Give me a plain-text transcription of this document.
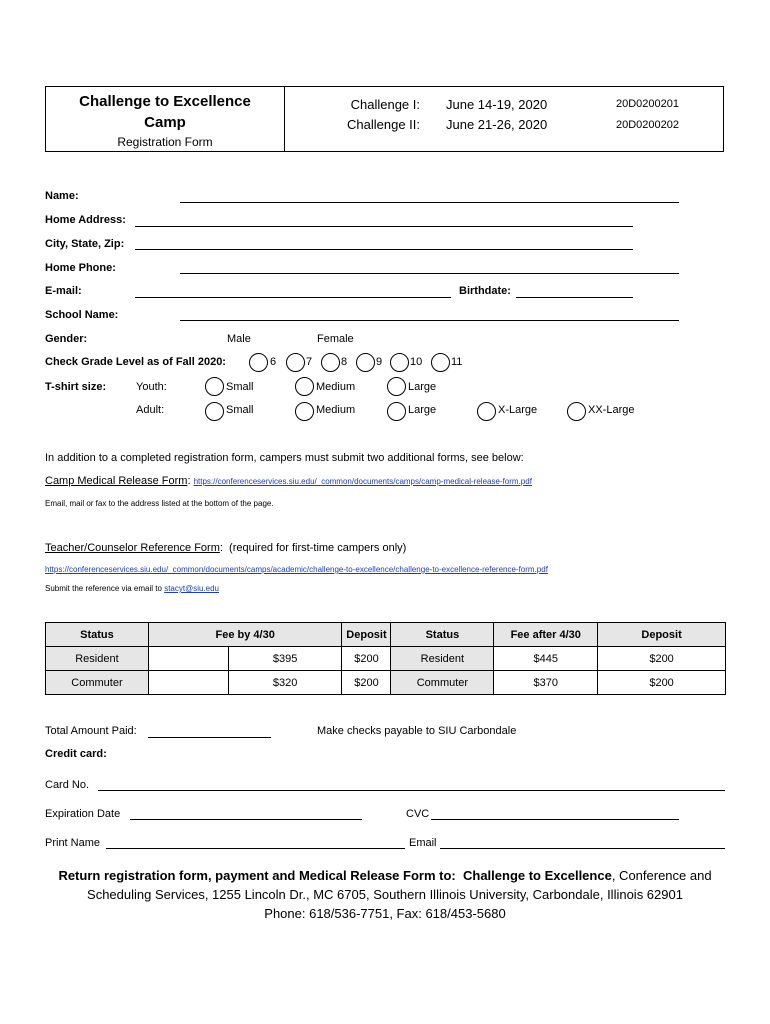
Challenge to Excellence
Camp
Registration Form
Challenge I: June 14-19, 2020	20D0200201
Challenge II: June 21-26, 2020	20D0200202
Name:
Home Address:
City, State, Zip:
Home Phone:
E-mail:	Birthdate:
School Name:
Gender:	Male	Female
Check Grade Level as of Fall 2020:	6	7	8	9	10	11
T-shirt size:	Youth:	Small	Medium	Large
Adult:	Small	Medium	Large	X-Large	XX-Large
In addition to a completed registration form, campers must submit two additional forms, see below:
Camp Medical Release Form: https://conferenceservices.siu.edu/_common/documents/camps/camp-medical-release-form.pdf
Email, mail or fax to the address listed at the bottom of the page.
Teacher/Counselor Reference Form:  (required for first-time campers only)
https://conferenceservices.siu.edu/_common/documents/camps/academic/challenge-to-excellence/challenge-to-excellence-reference-form.pdf
Submit the reference via email to stacyt@siu.edu
Status	Fee by 4/30		Deposit	Status	Fee after 4/30	Deposit
Resident		$395	$200	Resident	$445	$200
Commuter		$320	$200	Commuter	$370	$200
Total Amount Paid:	Make checks payable to SIU Carbondale
Credit card:
Card No.
Expiration Date	CVC
Print Name	Email
Return registration form, payment and Medical Release Form to: Challenge to Excellence, Conference and
Scheduling Services, 1255 Lincoln Dr., MC 6705, Southern Illinois University, Carbondale, Illinois 62901
Phone: 618/536-7751, Fax: 618/453-5680
